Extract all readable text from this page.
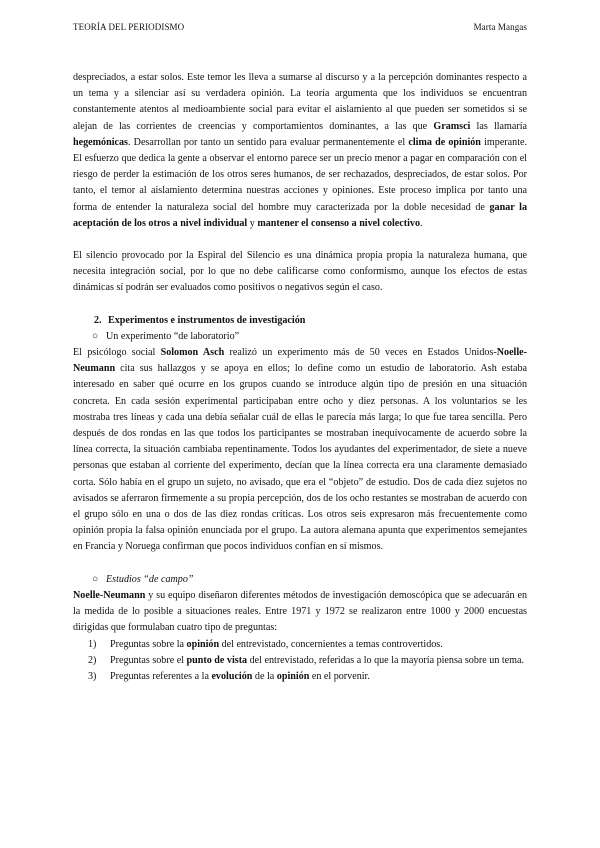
TEORÍA DEL PERIODISMO	Marta Mangas

despreciados, a estar solos. Este temor les lleva a sumarse al discurso y a la percepción dominantes respecto a un tema y a silenciar así su verdadera opinión. La teoría argumenta que los individuos se encuentran constantemente atentos al medioambiente social para evitar el aislamiento al que pueden ser sometidos si se alejan de las corrientes de creencias y comportamientos dominantes, a las que Gramsci las llamaría hegemónicas. Desarrollan por tanto un sentido para evaluar permanentemente el clima de opinión imperante. El esfuerzo que dedica la gente a observar el entorno parece ser un precio menor a pagar en comparación con el riesgo de perder la estimación de los otros seres humanos, de ser rechazados, despreciados, de estar solos. Por tanto, el temor al aislamiento determina nuestras acciones y opiniones. Este proceso implica por tanto una forma de entender la naturaleza social del hombre muy caracterizada por la doble necesidad de ganar la aceptación de los otros a nivel individual y mantener el consenso a nivel colectivo.

El silencio provocado por la Espiral del Silencio es una dinámica propia propia la naturaleza humana, que necesita integración social, por lo que no debe calificarse como conformismo, aunque los efectos de estas dinámicas sí podrán ser evaluados como positivos o negativos según el caso.

2. Experimentos e instrumentos de investigación
○ Un experimento “de laboratorio”

El psicólogo social Solomon Asch realizó un experimento más de 50 veces en Estados Unidos-Noelle-Neumann cita sus hallazgos y se apoya en ellos; lo define como un estudio de laboratorio. Ash estaba interesado en saber qué ocurre en los grupos cuando se introduce algún tipo de presión en una situación concreta. En cada sesión experimental participaban entre ocho y diez personas. A los voluntarios se les mostraba tres líneas y cada una debía señalar cuál de ellas le parecía más larga; lo que fue tarea sencilla. Pero después de dos rondas en las que todos los participantes se mostraban inequívocamente de acuerdo sobre la línea correcta, la situación cambiaba repentinamente. Todos los ayudantes del experimentador, de siete a nueve personas que estaban al corriente del experimento, decían que la línea correcta era una claramente demasiado corta. Sólo había en el grupo un sujeto, no avisado, que era el “objeto” de estudio. Dos de cada diez sujetos no avisados se aferraron firmemente a su propia percepción, dos de los ocho restantes se mostraban de acuerdo con el grupo sólo en una o dos de las diez rondas críticas. Los otros seis expresaron más frecuentemente como opinión propia la falsa opinión enunciada por el grupo. La autora alemana apunta que experimentos semejantes en Francia y Noruega confirman que pocos individuos confían en sí mismos.

○ Estudios “de campo”

Noelle-Neumann y su equipo diseñaron diferentes métodos de investigación demoscópica que se adecuarán en la medida de lo posible a situaciones reales. Entre 1971 y 1972 se realizaron entre 1000 y 2000 encuestas dirigidas que formulaban cuatro tipo de preguntas:

1) Preguntas sobre la opinión del entrevistado, concernientes a temas controvertidos.
2) Preguntas sobre el punto de vista del entrevistado, referidas a lo que la mayoría piensa sobre un tema.
3) Preguntas referentes a la evolución de la opinión en el porvenir.
